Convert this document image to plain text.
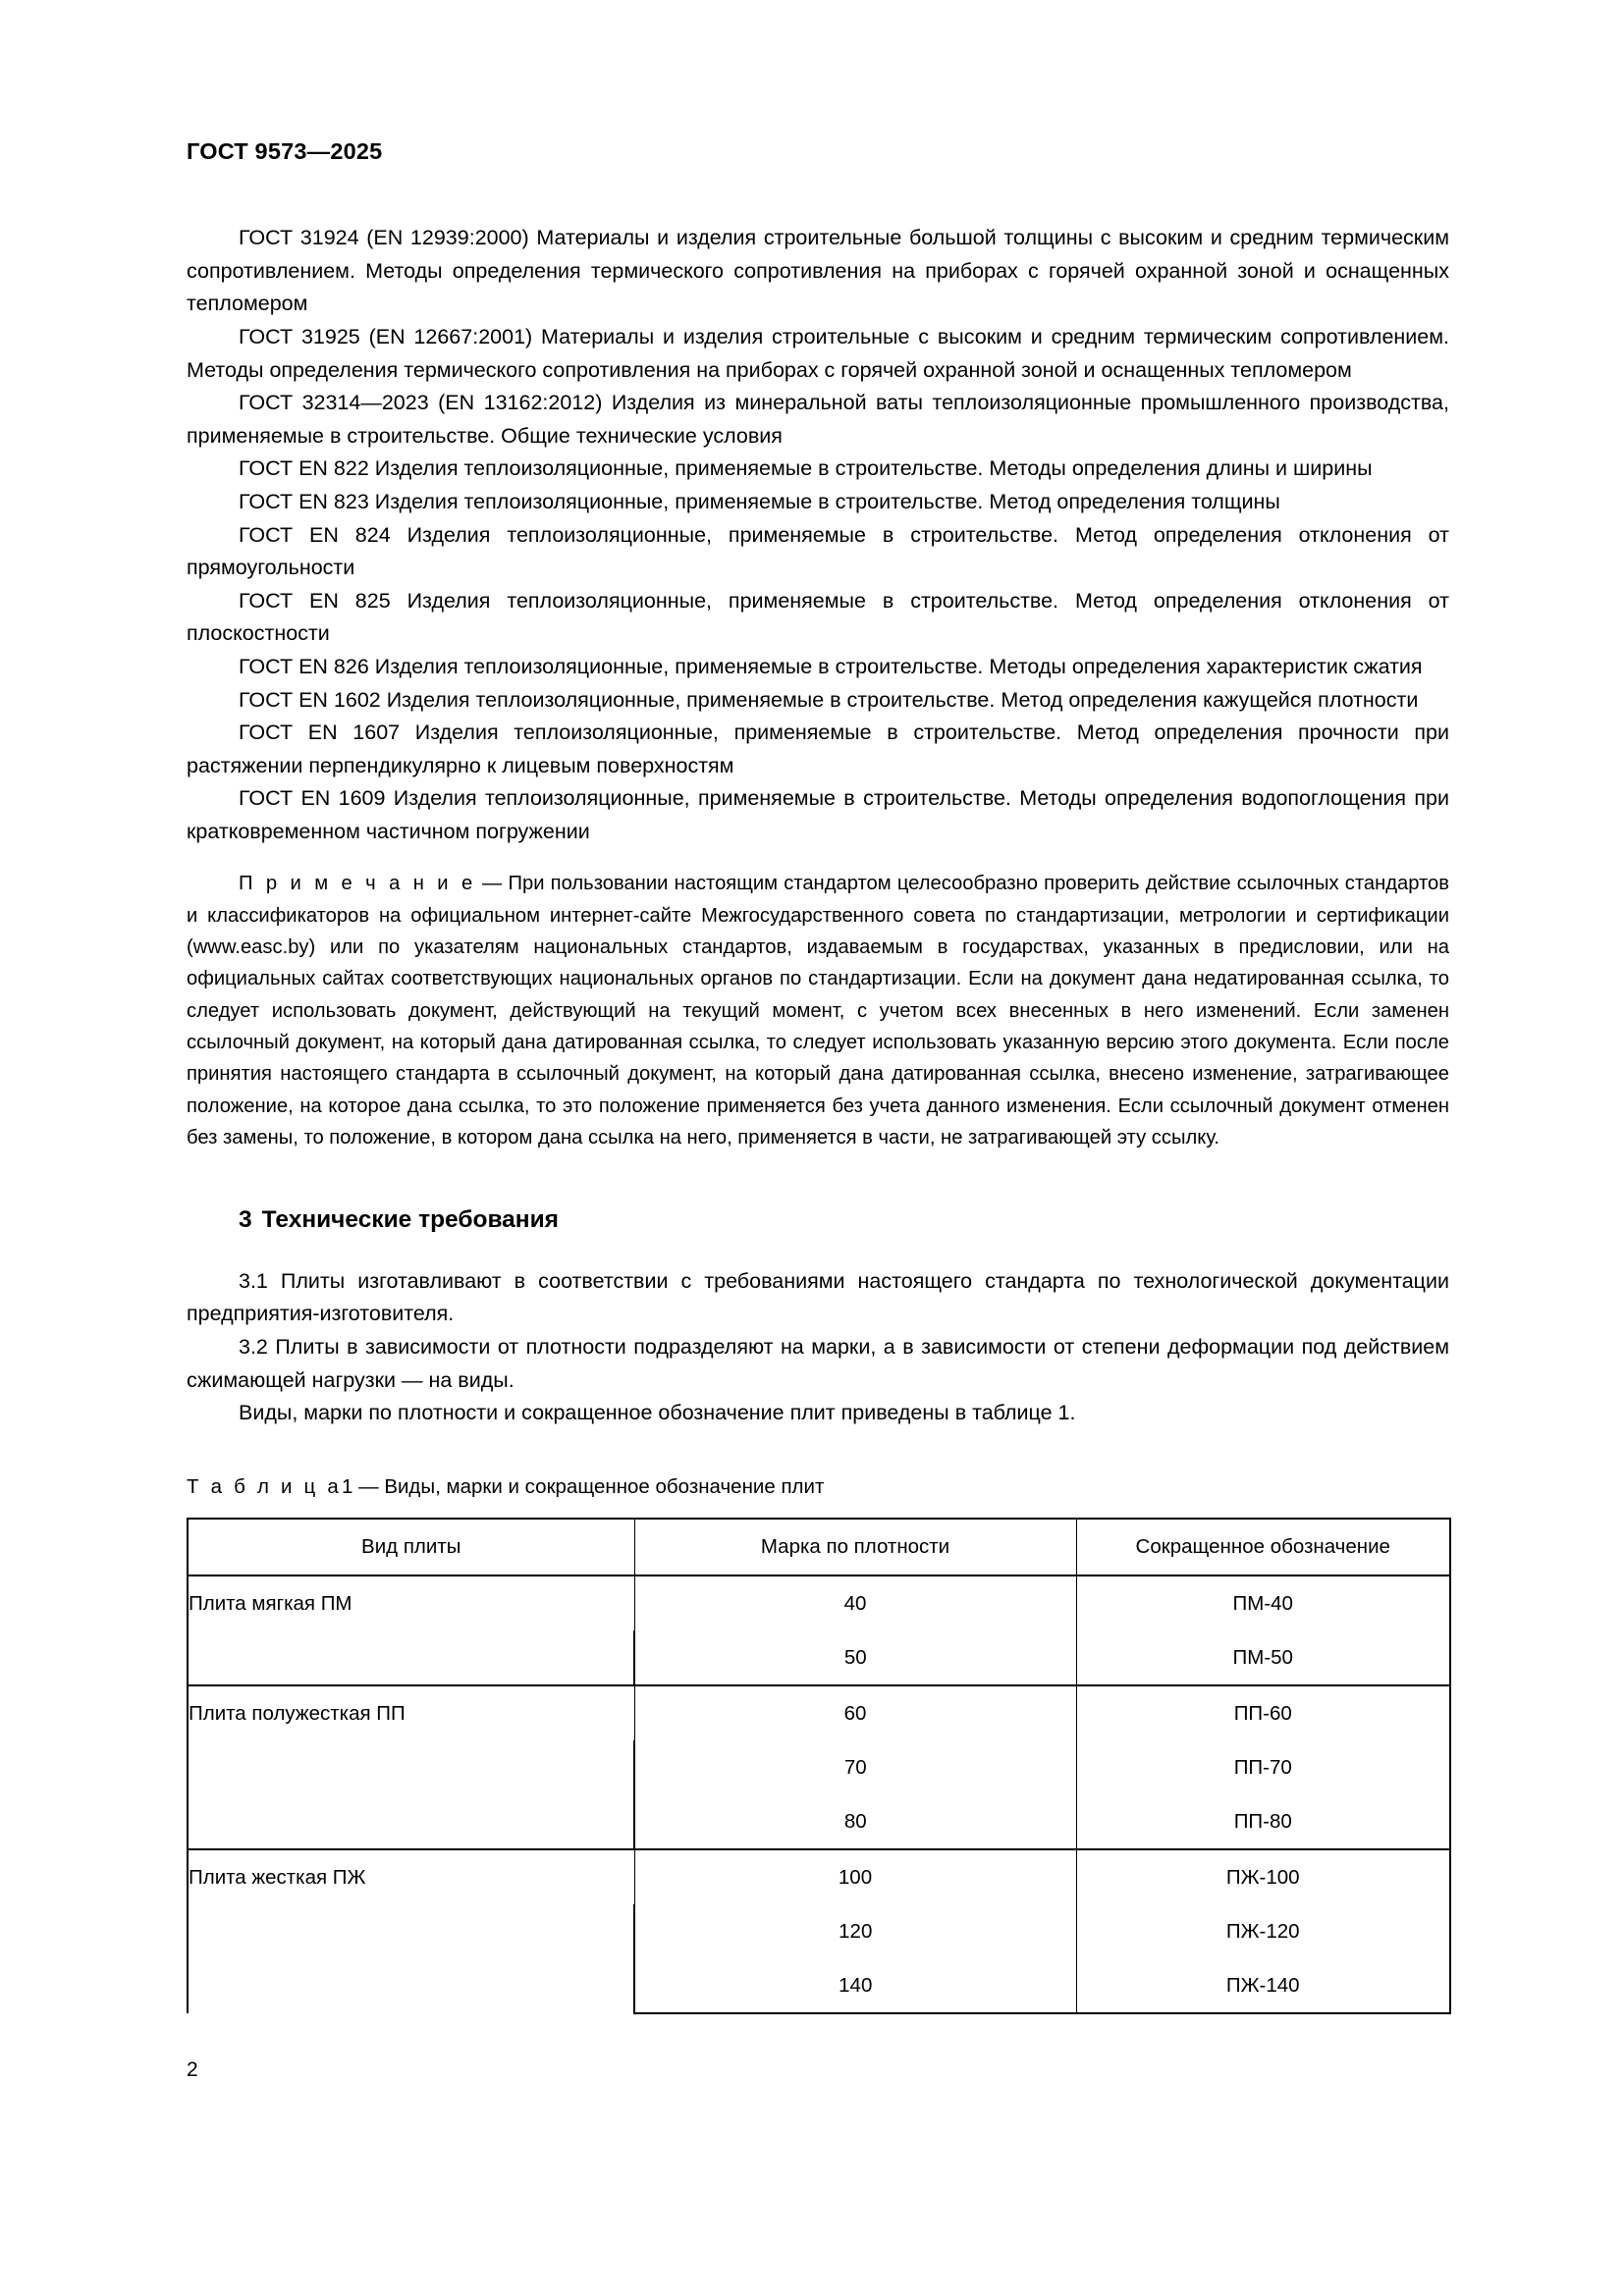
ГОСТ 9573—2025

ГОСТ 31924 (EN 12939:2000) Материалы и изделия строительные большой толщины с высоким и средним термическим сопротивлением. Методы определения термического сопротивления на приборах с горячей охранной зоной и оснащенных тепломером

ГОСТ 31925 (EN 12667:2001) Материалы и изделия строительные с высоким и средним термическим сопротивлением. Методы определения термического сопротивления на приборах с горячей охранной зоной и оснащенных тепломером

ГОСТ 32314—2023 (EN 13162:2012) Изделия из минеральной ваты теплоизоляционные промышленного производства, применяемые в строительстве. Общие технические условия

ГОСТ EN 822 Изделия теплоизоляционные, применяемые в строительстве. Методы определения длины и ширины

ГОСТ EN 823 Изделия теплоизоляционные, применяемые в строительстве. Метод определения толщины

ГОСТ EN 824 Изделия теплоизоляционные, применяемые в строительстве. Метод определения отклонения от прямоугольности

ГОСТ EN 825 Изделия теплоизоляционные, применяемые в строительстве. Метод определения отклонения от плоскостности

ГОСТ EN 826 Изделия теплоизоляционные, применяемые в строительстве. Методы определения характеристик сжатия

ГОСТ EN 1602 Изделия теплоизоляционные, применяемые в строительстве. Метод определения кажущейся плотности

ГОСТ EN 1607 Изделия теплоизоляционные, применяемые в строительстве. Метод определения прочности при растяжении перпендикулярно к лицевым поверхностям

ГОСТ EN 1609 Изделия теплоизоляционные, применяемые в строительстве. Методы определения водопоглощения при кратковременном частичном погружении

П р и м е ч а н и е — При пользовании настоящим стандартом целесообразно проверить действие ссылочных стандартов и классификаторов на официальном интернет-сайте Межгосударственного совета по стандартизации, метрологии и сертификации (www.easc.by) или по указателям национальных стандартов, издаваемым в государствах, указанных в предисловии, или на официальных сайтах соответствующих национальных органов по стандартизации. Если на документ дана недатированная ссылка, то следует использовать документ, действующий на текущий момент, с учетом всех внесенных в него изменений. Если заменен ссылочный документ, на который дана датированная ссылка, то следует использовать указанную версию этого документа. Если после принятия настоящего стандарта в ссылочный документ, на который дана датированная ссылка, внесено изменение, затрагивающее положение, на которое дана ссылка, то это положение применяется без учета данного изменения. Если ссылочный документ отменен без замены, то положение, в котором дана ссылка на него, применяется в части, не затрагивающей эту ссылку.

3 Технические требования

3.1 Плиты изготавливают в соответствии с требованиями настоящего стандарта по технологической документации предприятия-изготовителя.

3.2 Плиты в зависимости от плотности подразделяют на марки, а в зависимости от степени деформации под действием сжимающей нагрузки — на виды.

Виды, марки по плотности и сокращенное обозначение плит приведены в таблице 1.

Т а б л и ц а1 — Виды, марки и сокращенное обозначение плит

Вид плиты	Марка по плотности	Сокращенное обозначение
Плита мягкая ПМ	40	ПМ-40
	50	ПМ-50
Плита полужесткая ПП	60	ПП-60
	70	ПП-70
	80	ПП-80
Плита жесткая ПЖ	100	ПЖ-100
	120	ПЖ-120
	140	ПЖ-140
2
